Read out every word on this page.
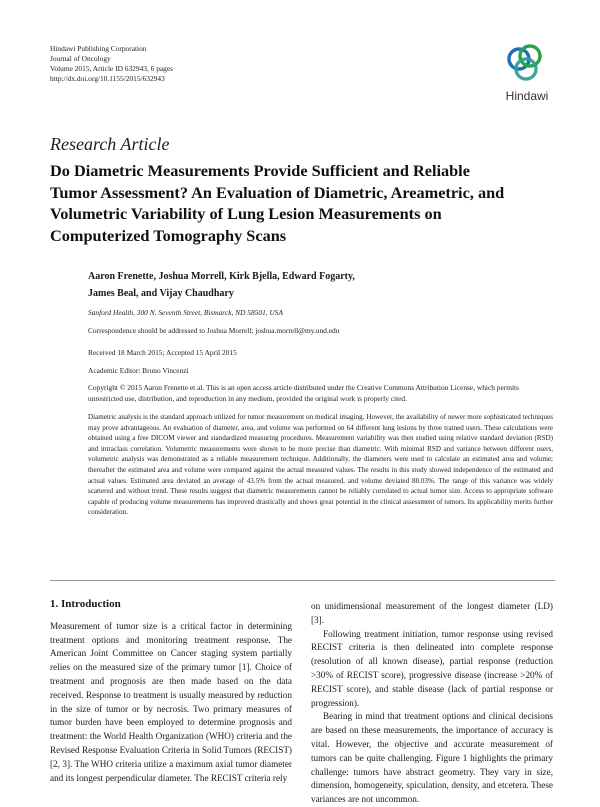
Hindawi Publishing Corporation
Journal of Oncology
Volume 2015, Article ID 632943, 6 pages
http://dx.doi.org/10.1155/2015/632943
Hindawi
Research Article
Do Diametric Measurements Provide Sufficient and Reliable Tumor Assessment? An Evaluation of Diametric, Areametric, and Volumetric Variability of Lung Lesion Measurements on Computerized Tomography Scans
Aaron Frenette, Joshua Morrell, Kirk Bjella, Edward Fogarty,
James Beal, and Vijay Chaudhary
Sanford Health, 300 N. Seventh Street, Bismarck, ND 58501, USA
Correspondence should be addressed to Joshua Morrell; joshua.morrell@my.und.edu
Received 18 March 2015; Accepted 15 April 2015
Academic Editor: Bruno Vincenzi
Copyright © 2015 Aaron Frenette et al. This is an open access article distributed under the Creative Commons Attribution License, which permits unrestricted use, distribution, and reproduction in any medium, provided the original work is properly cited.
Diametric analysis is the standard approach utilized for tumor measurement on medical imaging. However, the availability of newer more sophisticated techniques may prove advantageous. An evaluation of diameter, area, and volume was performed on 64 different lung lesions by three trained users. These calculations were obtained using a free DICOM viewer and standardized measuring procedures. Measurement variability was then studied using relative standard deviation (RSD) and intraclass correlation. Volumetric measurements were shown to be more precise than diametric. With minimal RSD and variance between different users, volumetric analysis was demonstrated as a reliable measurement technique. Additionally, the diameters were used to calculate an estimated area and volume; thereafter the estimated area and volume were compared against the actual measured values. The results in this study showed independence of the estimated and actual values. Estimated area deviated an average of 43.5% from the actual measured, and volume deviated 88.03%. The range of this variance was widely scattered and without trend. These results suggest that diametric measurements cannot be reliably correlated to actual tumor size. Access to appropriate software capable of producing volume measurements has improved drastically and shows great potential in the clinical assessment of tumors. Its applicability merits further consideration.
1. Introduction

Measurement of tumor size is a critical factor in determining treatment options and monitoring treatment response. The American Joint Committee on Cancer staging system partially relies on the measured size of the primary tumor [1]. Choice of treatment and prognosis are then made based on the data received. Response to treatment is usually measured by reduction in the size of tumor or by necrosis. Two primary measures of tumor burden have been employed to determine prognosis and treatment: the World Health Organization (WHO) criteria and the Revised Response Evaluation Criteria in Solid Tumors (RECIST) [2, 3]. The WHO criteria utilize a maximum axial tumor diameter and its longest perpendicular diameter. The RECIST criteria rely

on unidimensional measurement of the longest diameter (LD) [3].

Following treatment initiation, tumor response using revised RECIST criteria is then delineated into complete response (resolution of all known disease), partial response (reduction >30% of RECIST score), progressive disease (increase >20% of RECIST score), and stable disease (lack of partial response or progression).

Bearing in mind that treatment options and clinical decisions are based on these measurements, the importance of accuracy is vital. However, the objective and accurate measurement of tumors can be quite challenging. Figure 1 highlights the primary challenge: tumors have abstract geometry. They vary in size, dimension, homogeneity, spiculation, density, and etcetera. These variances are not uncommon.
